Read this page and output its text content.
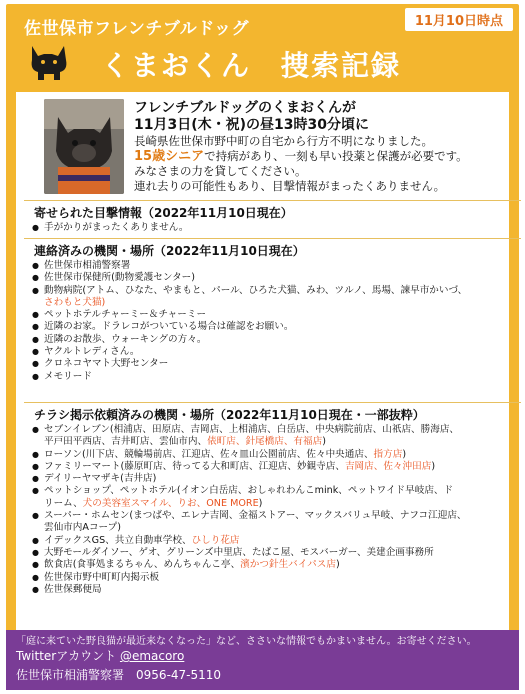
佐世保市フレンチブルドッグ	11月10日時点
くまおくん　捜索記録
フレンチブルドッグのくまおくんが
11月3日(木・祝)の昼13時30分頃に
長崎県佐世保市野中町の自宅から行方不明になりました。
15歳シニアで持病があり、一刻も早い投薬と保護が必要です。
みなさまの力を貸してください。
連れ去りの可能性もあり、目撃情報がまったくありません。
寄せられた目撃情報（2022年11月10日現在）
● 手がかりがまったくありません。
連絡済みの機関・場所（2022年11月10日現在）
● 佐世保市相浦警察署
● 佐世保市保健所(動物愛護センター)
● 動物病院(アトム、ひなた、やまもと、パール、ひろた犬猫、みわ、ツルノ、馬場、諫早市かいづ、
さわもと犬猫)
● ペットホテルチャーミー＆チャーミー
● 近隣のお家。ドラレコがついている場合は確認をお願い。
● 近隣のお散歩、ウォーキングの方々。
● ヤクルトレディさん。
● クロネコヤマト大野センター
● メモリード
チラシ掲示依頼済みの機関・場所（2022年11月10日現在・一部抜粋）
● セブンイレブン(相浦店、田原店、吉岡店、上相浦店、白岳店、中央病院前店、山祇店、勝海店、
平戸田平西店、吉井町店、雲仙市内、俵町店、針尾橋店、有福店)
● ローソン(川下店、競輪場前店、江迎店、佐々皿山公園前店、佐々中央通店、指方店)
● ファミリーマート(藤原町店、待ってる大和町店、江迎店、妙観寺店、吉岡店、佐々沖田店)
● デイリーヤマザキ(吉井店)
● ペットショップ、ペットホテル(イオン白岳店、おしゃれわんこmink、ペットワイド早岐店、ド
リーム、犬の美容室スマイル、りお、ONE MORE)
● スーパー・ホムセン(まつばや、エレナ吉岡、金福ストアー、マックスバリュ早岐、ナフコ江迎店、
雲仙市内Aコープ)
● イデックスGS、共立自動車学校、ひしり花店
● 大野モールダイソー、ゲオ、グリーンズ中里店、たばこ屋、モスバーガー、美建企画事務所
● 飲食店(食事処まるちゃん、めんちゃんこ亭、濱かつ針生バイパス店)
● 佐世保市野中町町内掲示板
● 佐世保郵便局
「庭に来ていた野良猫が最近来なくなった」など、ささいな情報でもかまいません。お寄せください。
Twitterアカウント @emacoro
佐世保市相浦警察署　 0956-47-5110
